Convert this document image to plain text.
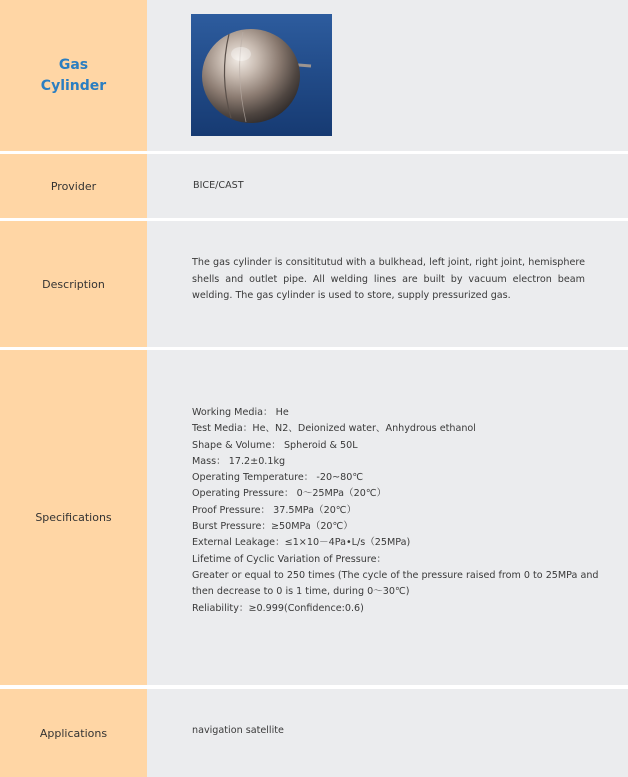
Gas Cylinder
Provider	BICE/CAST
Description
The gas cylinder is consititutud with a bulkhead, left joint, right joint, hemisphere shells and outlet pipe. All welding lines are built by vacuum electron beam welding. The gas cylinder is used to store, supply pressurized gas.
Specifications
Working Media： He
Test Media：He、N2、Deionized water、Anhydrous ethanol
Shape & Volume： Spheroid & 50L
Mass： 17.2±0.1kg
Operating Temperature： -20~80℃
Operating Pressure： 0～25MPa（20℃）
Proof Pressure： 37.5MPa（20℃）
Burst Pressure：≥50MPa（20℃）
External Leakage：≤1×10－4Pa•L/s（25MPa)
Lifetime of Cyclic Variation of Pressure：
Greater or equal to 250 times (The cycle of the pressure raised from 0 to 25MPa and
then decrease to 0 is 1 time, during 0～30℃)
Reliability：≥0.999(Confidence:0.6)
Applications	navigation satellite
